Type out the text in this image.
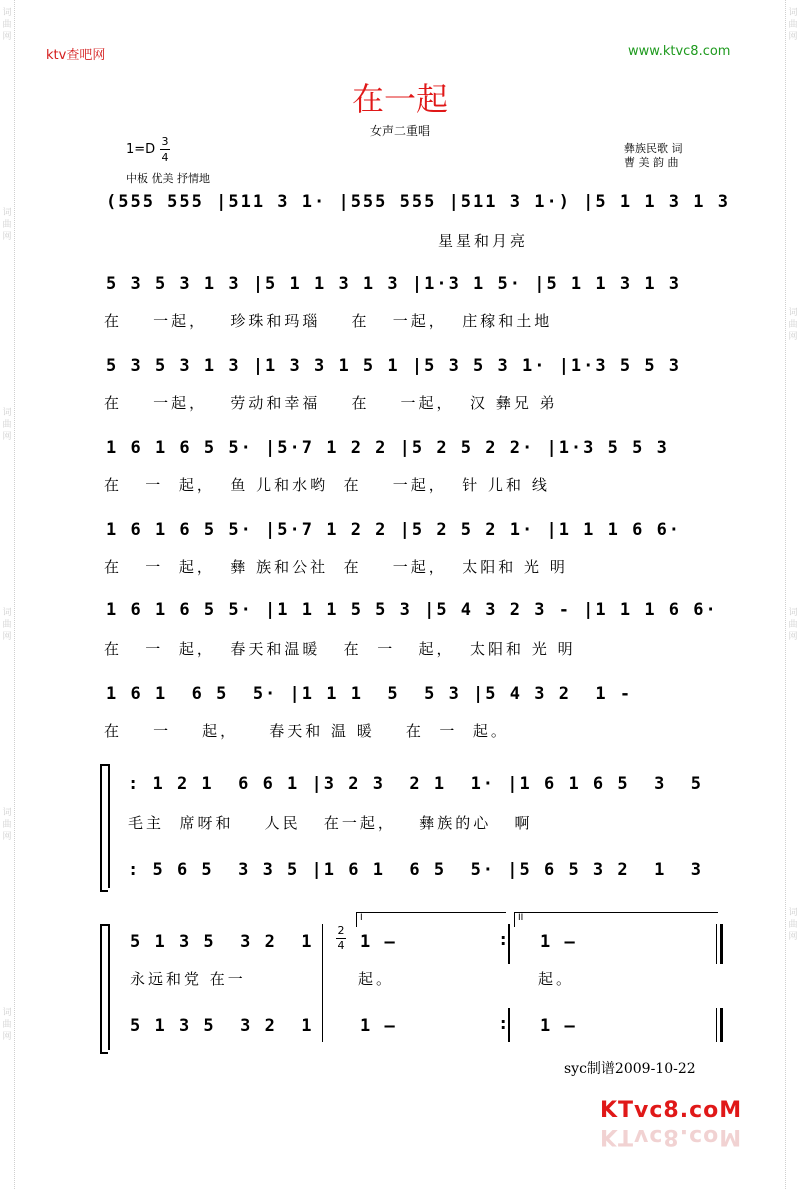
词
曲
网
词
曲
网
词
曲
网
词
曲
网
词
曲
网
词
曲
网
词
曲
网
词
曲
网
词
曲
网
词
曲
网
ktv查吧网	www.ktvc8.com
在一起
女声二重唱
1=D
3
4
中板 优美 抒情地
彝族民歌 词
曹 美 韵 曲
(555 555 |511 3 1· |555 555 |511 3 1·) |5 1 1 3 1 3
星星和月亮
5 3 5 3 1 3 |5 1 1 3 1 3 |1·3 1 5· |5 1 1 3 1 3
在    一起，   珍珠和玛瑙    在   一起，  庄稼和土地
5 3 5 3 1 3 |1 3 3 1 5 1 |5 3 5 3 1· |1·3 5 5 3
在    一起，   劳动和幸福    在    一起，  汉 彝兄 弟
1 6 1 6 5 5· |5·7 1 2 2 |5 2 5 2 2· |1·3 5 5 3
在   一  起，  鱼 儿和水哟  在    一起，  针 儿和 线
1 6 1 6 5 5· |5·7 1 2 2 |5 2 5 2 1· |1 1 1 6 6·
在   一  起，  彝 族和公社  在    一起，  太阳和 光 明
1 6 1 6 5 5· |1 1 1 5 5 3 |5 4 3 2 3 - |1 1 1 6 6·
在   一  起，  春天和温暖   在  一   起，  太阳和 光 明
1 6 1  6 5  5· |1 1 1  5  5 3 |5 4 3 2  1 -
在    一    起，    春天和 温 暖    在  一  起。
: 1 2 1  6 6 1 |3 2 3  2 1  1· |1 6 1 6 5  3  5
毛主  席呀和    人民   在一起，   彝族的心   啊
: 5 6 5  3 3 5 |1 6 1  6 5  5· |5 6 5 3 2  1  3
5 1 3 5  3 2  1
永远和党 在一
5 1 3 5  3 2  1
2
4
I	II
1 –
起。
1 –
:
:
1 –
起。
1 –
syc制谱2009-10-22
KTvc8.coM
KTvc8.coM
